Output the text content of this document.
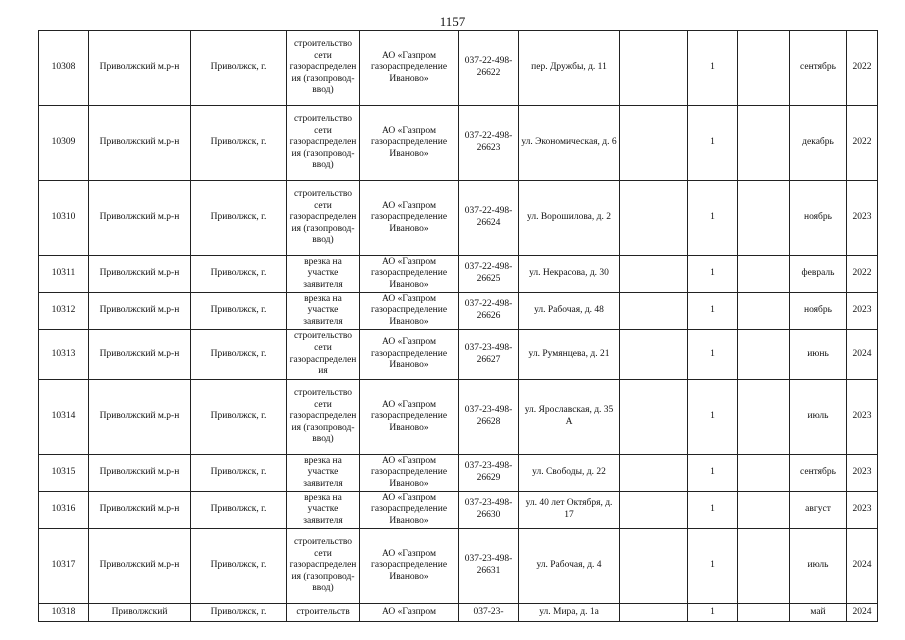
1157
10308	Приволжский м.р-н	Приволжск, г.	строительство сети газораспределения (газопровод-ввод)	АО «Газпром газораспределение Иваново»	037-22-498-26622	пер. Дружбы, д. 11		1		сентябрь	2022
10309	Приволжский м.р-н	Приволжск, г.	строительство сети газораспределения (газопровод-ввод)	АО «Газпром газораспределение Иваново»	037-22-498-26623	ул. Экономическая, д. 6		1		декабрь	2022
10310	Приволжский м.р-н	Приволжск, г.	строительство сети газораспределения (газопровод-ввод)	АО «Газпром газораспределение Иваново»	037-22-498-26624	ул. Ворошилова, д. 2		1		ноябрь	2023
10311	Приволжский м.р-н	Приволжск, г.	врезка на участке заявителя	АО «Газпром газораспределение Иваново»	037-22-498-26625	ул. Некрасова, д. 30		1		февраль	2022
10312	Приволжский м.р-н	Приволжск, г.	врезка на участке заявителя	АО «Газпром газораспределение Иваново»	037-22-498-26626	ул. Рабочая, д. 48		1		ноябрь	2023
10313	Приволжский м.р-н	Приволжск, г.	строительство сети газораспределения	АО «Газпром газораспределение Иваново»	037-23-498-26627	ул. Румянцева, д. 21		1		июнь	2024
10314	Приволжский м.р-н	Приволжск, г.	строительство сети газораспределения (газопровод-ввод)	АО «Газпром газораспределение Иваново»	037-23-498-26628	ул. Ярославская, д. 35 А		1		июль	2023
10315	Приволжский м.р-н	Приволжск, г.	врезка на участке заявителя	АО «Газпром газораспределение Иваново»	037-23-498-26629	ул. Свободы, д. 22		1		сентябрь	2023
10316	Приволжский м.р-н	Приволжск, г.	врезка на участке заявителя	АО «Газпром газораспределение Иваново»	037-23-498-26630	ул. 40 лет Октября, д. 17		1		август	2023
10317	Приволжский м.р-н	Приволжск, г.	строительство сети газораспределения (газопровод-ввод)	АО «Газпром газораспределение Иваново»	037-23-498-26631	ул. Рабочая, д. 4		1		июль	2024
10318	Приволжский	Приволжск, г.	строительств	АО «Газпром	037-23-	ул. Мира, д. 1а		1		май	2024
